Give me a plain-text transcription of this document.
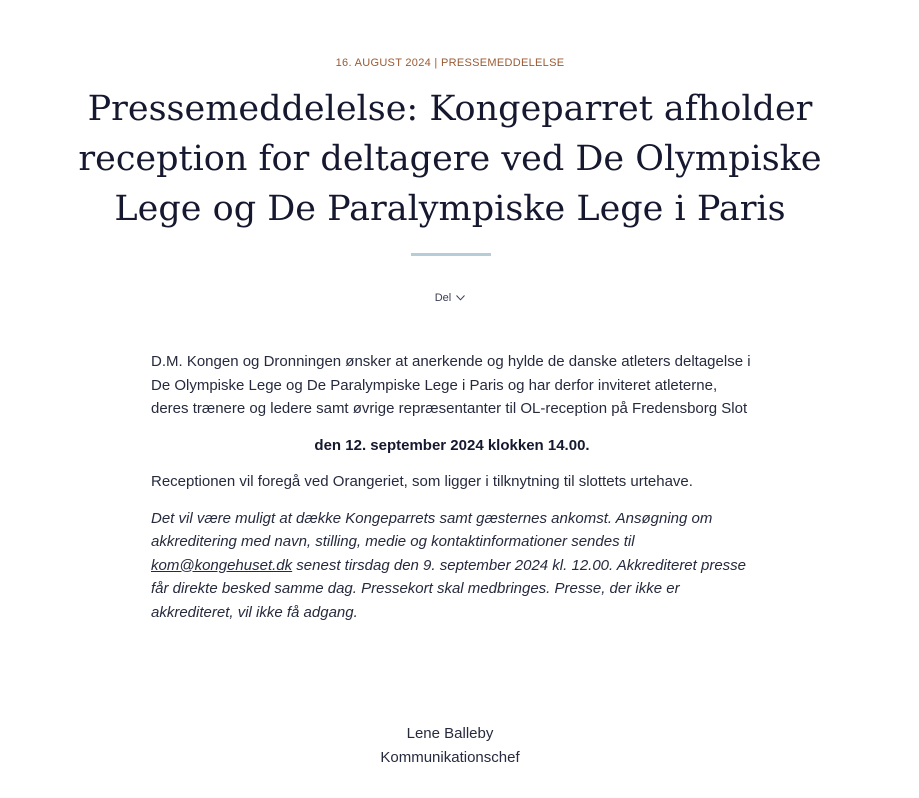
16. AUGUST 2024 | PRESSEMEDDELELSE
Pressemeddelelse: Kongeparret afholder reception for deltagere ved De Olympiske Lege og De Paralympiske Lege i Paris
Del

D.M. Kongen og Dronningen ønsker at anerkende og hylde de danske atleters deltagelse i De Olympiske Lege og De Paralympiske Lege i Paris og har derfor inviteret atleterne, deres trænere og ledere samt øvrige repræsentanter til OL-reception på Fredensborg Slot

den 12. september 2024 klokken 14.00.

Receptionen vil foregå ved Orangeriet, som ligger i tilknytning til slottets urtehave.

Det vil være muligt at dække Kongeparrets samt gæsternes ankomst. Ansøgning om akkreditering med navn, stilling, medie og kontaktinformationer sendes til kom@kongehuset.dk senest tirsdag den 9. september 2024 kl. 12.00. Akkrediteret presse får direkte besked samme dag. Pressekort skal medbringes. Presse, der ikke er akkrediteret, vil ikke få adgang.

Lene Balleby
Kommunikationschef
